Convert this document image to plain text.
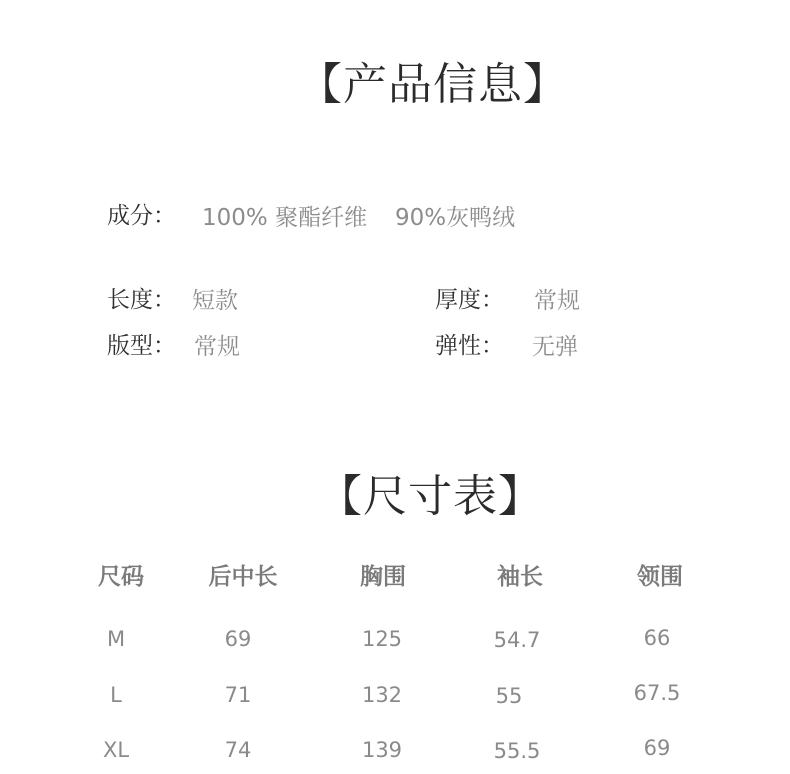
【产品信息】
成分： 100% 聚酯纤维 90%灰鸭绒
长度： 短款	厚度： 常规
版型： 常规	弹性： 无弹
【尺寸表】
尺码	后中长	胸围	袖长	领围
M	69	125	54.7	66
L	71	132	55	67.5
XL	74	139	55.5	69
